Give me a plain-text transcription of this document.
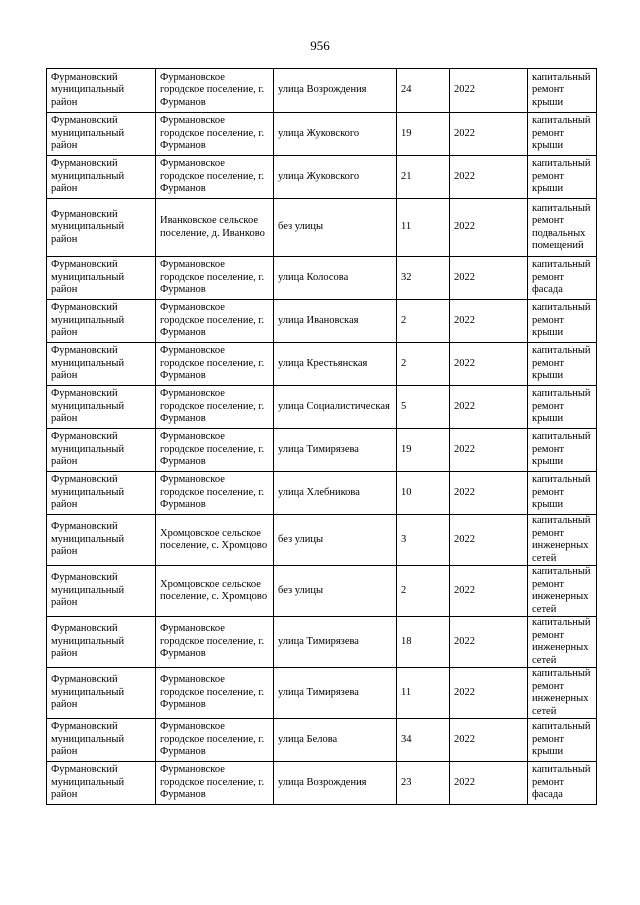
956
Фурмановский муниципальный район	Фурмановское городское поселение, г. Фурманов	улица Возрождения	24	2022	капитальный ремонт крыши
Фурмановский муниципальный район	Фурмановское городское поселение, г. Фурманов	улица Жуковского	19	2022	капитальный ремонт крыши
Фурмановский муниципальный район	Фурмановское городское поселение, г. Фурманов	улица Жуковского	21	2022	капитальный ремонт крыши
Фурмановский муниципальный район	Иванковское сельское поселение, д. Иванково	без улицы	11	2022	капитальный ремонт подвальных помещений
Фурмановский муниципальный район	Фурмановское городское поселение, г. Фурманов	улица Колосова	32	2022	капитальный ремонт фасада
Фурмановский муниципальный район	Фурмановское городское поселение, г. Фурманов	улица Ивановская	2	2022	капитальный ремонт крыши
Фурмановский муниципальный район	Фурмановское городское поселение, г. Фурманов	улица Крестьянская	2	2022	капитальный ремонт крыши
Фурмановский муниципальный район	Фурмановское городское поселение, г. Фурманов	улица Социалистическая	5	2022	капитальный ремонт крыши
Фурмановский муниципальный район	Фурмановское городское поселение, г. Фурманов	улица Тимирязева	19	2022	капитальный ремонт крыши
Фурмановский муниципальный район	Фурмановское городское поселение, г. Фурманов	улица Хлебникова	10	2022	капитальный ремонт крыши
Фурмановский муниципальный район	Хромцовское сельское поселение, с. Хромцово	без улицы	3	2022	капитальный ремонт инженерных сетей
Фурмановский муниципальный район	Хромцовское сельское поселение, с. Хромцово	без улицы	2	2022	капитальный ремонт инженерных сетей
Фурмановский муниципальный район	Фурмановское городское поселение, г. Фурманов	улица Тимирязева	18	2022	капитальный ремонт инженерных сетей
Фурмановский муниципальный район	Фурмановское городское поселение, г. Фурманов	улица Тимирязева	11	2022	капитальный ремонт инженерных сетей
Фурмановский муниципальный район	Фурмановское городское поселение, г. Фурманов	улица Белова	34	2022	капитальный ремонт крыши
Фурмановский муниципальный район	Фурмановское городское поселение, г. Фурманов	улица Возрождения	23	2022	капитальный ремонт фасада
